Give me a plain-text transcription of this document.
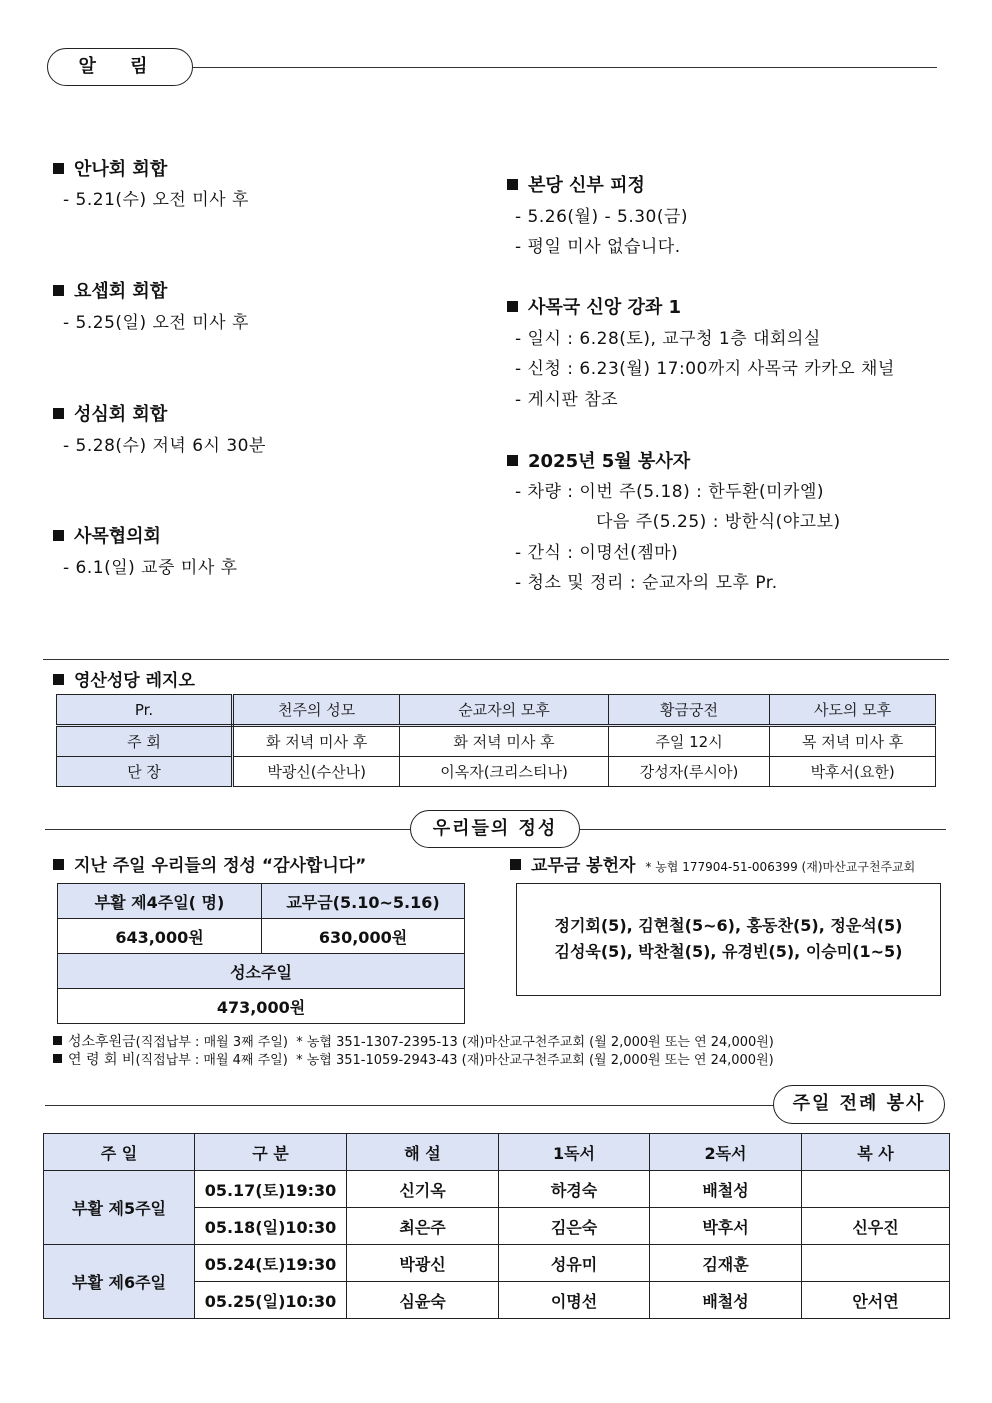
알 림
안나회 회합
- 5.21(수) 오전 미사 후
요셉회 회합
- 5.25(일) 오전 미사 후
성심회 회합
- 5.28(수) 저녁 6시 30분
사목협의회
- 6.1(일) 교중 미사 후
본당 신부 피정
- 5.26(월) - 5.30(금)
- 평일 미사 없습니다.
사목국 신앙 강좌 1
- 일시 : 6.28(토), 교구청 1층 대회의실
- 신청 : 6.23(월) 17:00까지 사목국 카카오 채널
- 게시판 참조
2025년 5월 봉사자
- 차량 : 이번 주(5.18) : 한두환(미카엘)
다음 주(5.25) : 방한식(야고보)
- 간식 : 이명선(젬마)
- 청소 및 정리 : 순교자의 모후 Pr.
영산성당 레지오
Pr.	천주의 성모	순교자의 모후	황금궁전	사도의 모후
주 회	화 저녁 미사 후	화 저녁 미사 후	주일 12시	목 저녁 미사 후
단 장	박광신(수산나)	이옥자(크리스티나)	강성자(루시아)	박후서(요한)
우리들의 정성
지난 주일 우리들의 정성 “감사합니다”
부활 제4주일( 명)	교무금(5.10~5.16)
643,000원	630,000원
성소주일	
473,000원	
교무금 봉헌자 * 농협 177904-51-006399 (재)마산교구천주교회
정기회(5), 김현철(5~6), 홍동찬(5), 정운석(5)
김성욱(5), 박찬철(5), 유경빈(5), 이승미(1~5)
성소후원금(직접납부 : 매월 3째 주일) * 농협 351-1307-2395-13 (재)마산교구천주교회 (월 2,000원 또는 연 24,000원)
연 령 회 비(직접납부 : 매월 4째 주일) * 농협 351-1059-2943-43 (재)마산교구천주교회 (월 2,000원 또는 연 24,000원)
주일 전례 봉사
주 일	구 분	해 설	1독서	2독서	복 사
부활 제5주일	05.17(토)19:30	신기옥	하경숙	배철성	
	05.18(일)10:30	최은주	김은숙	박후서	신우진
부활 제6주일	05.24(토)19:30	박광신	성유미	김재훈	
	05.25(일)10:30	심윤숙	이명선	배철성	안서연
